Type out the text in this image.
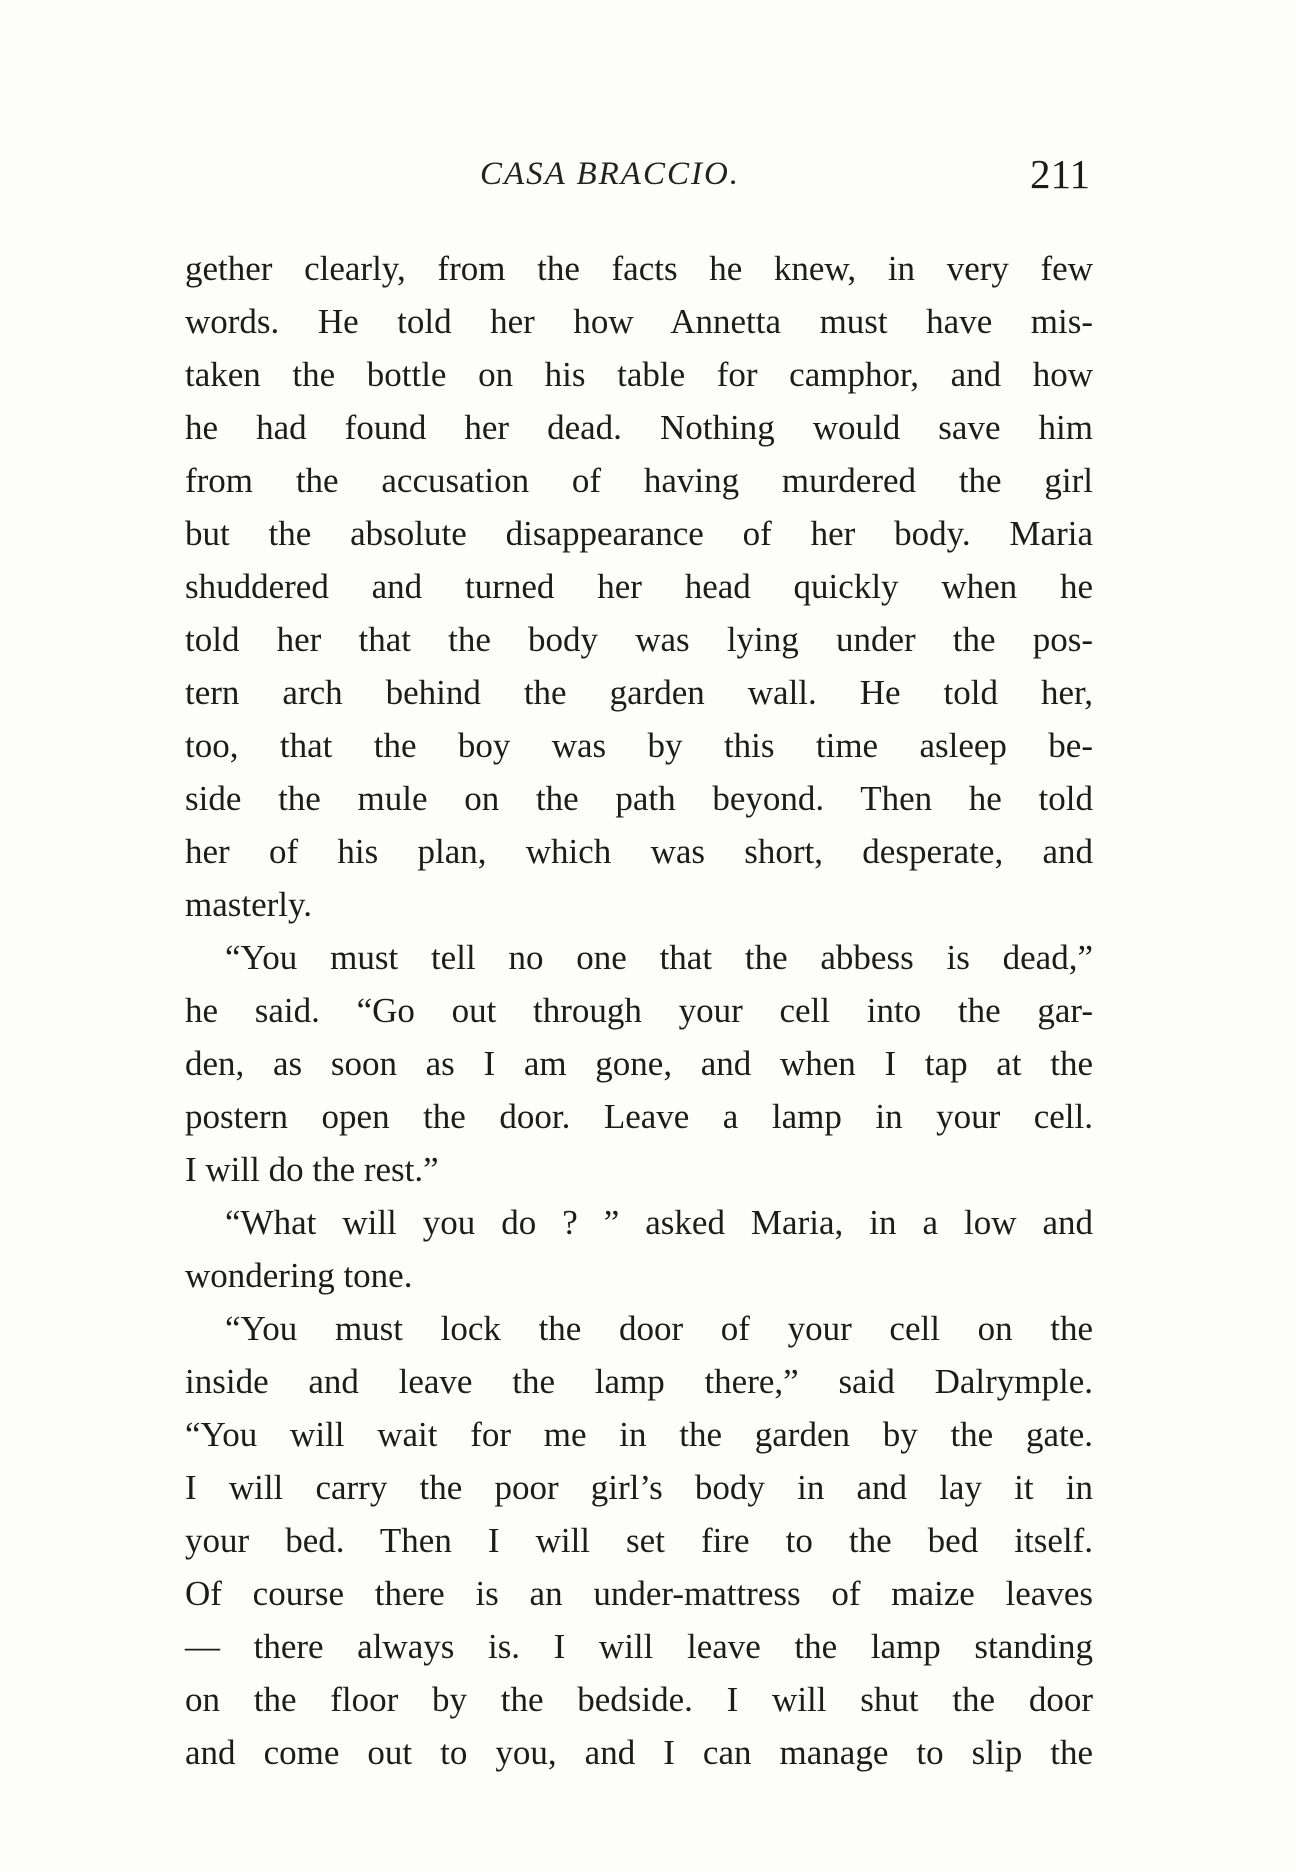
CASA BRACCIO.	211
gether clearly, from the facts he knew, in very few
words. He told her how Annetta must have mis-
taken the bottle on his table for camphor, and how
he had found her dead. Nothing would save him
from the accusation of having murdered the girl
but the absolute disappearance of her body. Maria
shuddered and turned her head quickly when he
told her that the body was lying under the pos-
tern arch behind the garden wall. He told her,
too, that the boy was by this time asleep be-
side the mule on the path beyond. Then he told
her of his plan, which was short, desperate, and
masterly.
“You must tell no one that the abbess is dead,”
he said. “Go out through your cell into the gar-
den, as soon as I am gone, and when I tap at the
postern open the door. Leave a lamp in your cell.
I will do the rest.”
“What will you do ? ” asked Maria, in a low and
wondering tone.
“You must lock the door of your cell on the
inside and leave the lamp there,” said Dalrymple.
“You will wait for me in the garden by the gate.
I will carry the poor girl’s body in and lay it in
your bed. Then I will set fire to the bed itself.
Of course there is an under-mattress of maize leaves
— there always is. I will leave the lamp standing
on the floor by the bedside. I will shut the door
and come out to you, and I can manage to slip the
